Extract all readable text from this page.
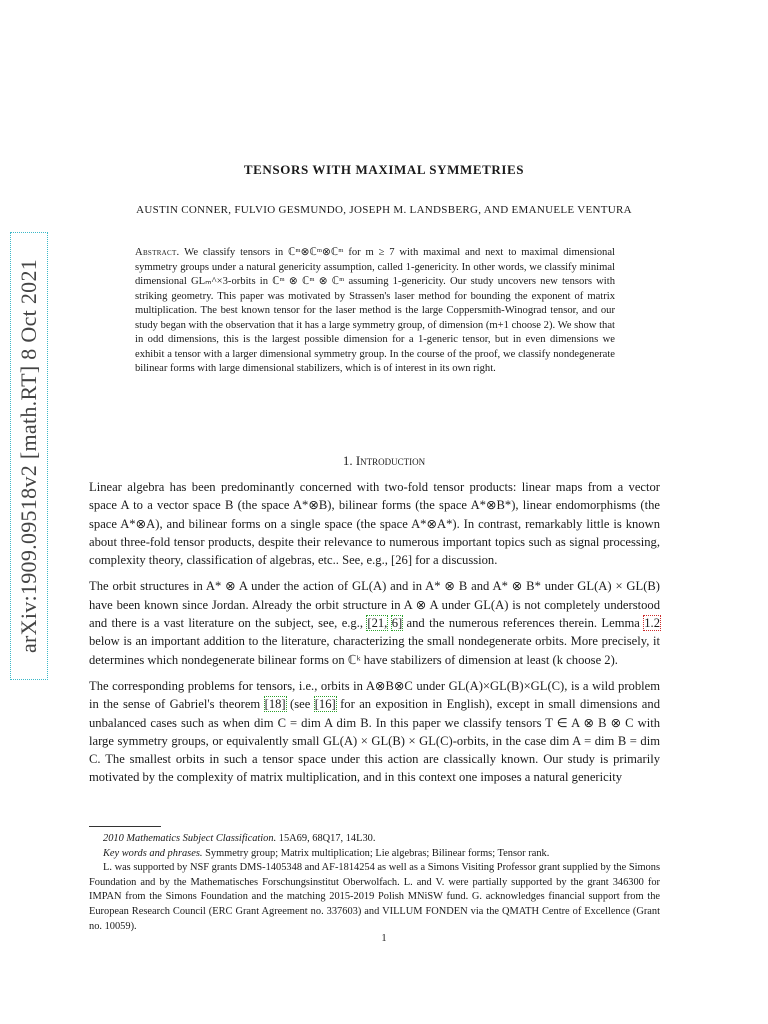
arXiv:1909.09518v2 [math.RT] 8 Oct 2021
TENSORS WITH MAXIMAL SYMMETRIES
AUSTIN CONNER, FULVIO GESMUNDO, JOSEPH M. LANDSBERG, AND EMANUELE VENTURA
Abstract. We classify tensors in ℂᵐ⊗ℂᵐ⊗ℂᵐ for m ≥ 7 with maximal and next to maximal dimensional symmetry groups under a natural genericity assumption, called 1-genericity. In other words, we classify minimal dimensional GLₘ^×3-orbits in ℂᵐ ⊗ ℂᵐ ⊗ ℂᵐ assuming 1-genericity. Our study uncovers new tensors with striking geometry. This paper was motivated by Strassen's laser method for bounding the exponent of matrix multiplication. The best known tensor for the laser method is the large Coppersmith-Winograd tensor, and our study began with the observation that it has a large symmetry group, of dimension (m+1 choose 2). We show that in odd dimensions, this is the largest possible dimension for a 1-generic tensor, but in even dimensions we exhibit a tensor with a larger dimensional symmetry group. In the course of the proof, we classify nondegenerate bilinear forms with large dimensional stabilizers, which is of interest in its own right.
1. Introduction

Linear algebra has been predominantly concerned with two-fold tensor products: linear maps from a vector space A to a vector space B (the space A*⊗B), bilinear forms (the space A*⊗B*), linear endomorphisms (the space A*⊗A), and bilinear forms on a single space (the space A*⊗A*). In contrast, remarkably little is known about three-fold tensor products, despite their relevance to numerous important topics such as signal processing, complexity theory, classification of algebras, etc.. See, e.g., [26] for a discussion.

The orbit structures in A* ⊗ A under the action of GL(A) and in A* ⊗ B and A* ⊗ B* under GL(A) × GL(B) have been known since Jordan. Already the orbit structure in A ⊗ A under GL(A) is not completely understood and there is a vast literature on the subject, see, e.g., [21, 6] and the numerous references therein. Lemma 1.2 below is an important addition to the literature, characterizing the small nondegenerate orbits. More precisely, it determines which nondegenerate bilinear forms on ℂᵏ have stabilizers of dimension at least (k choose 2).

The corresponding problems for tensors, i.e., orbits in A⊗B⊗C under GL(A)×GL(B)×GL(C), is a wild problem in the sense of Gabriel's theorem [18] (see [16] for an exposition in English), except in small dimensions and unbalanced cases such as when dim C = dim A dim B. In this paper we classify tensors T ∈ A ⊗ B ⊗ C with large symmetry groups, or equivalently small GL(A) × GL(B) × GL(C)-orbits, in the case dim A = dim B = dim C. The smallest orbits in such a tensor space under this action are classically known. Our study is primarily motivated by the complexity of matrix multiplication, and in this context one imposes a natural genericity

2010 Mathematics Subject Classification. 15A69, 68Q17, 14L30.

Key words and phrases. Symmetry group; Matrix multiplication; Lie algebras; Bilinear forms; Tensor rank.

L. was supported by NSF grants DMS-1405348 and AF-1814254 as well as a Simons Visiting Professor grant supplied by the Simons Foundation and by the Mathematisches Forschungsinstitut Oberwolfach. L. and V. were partially supported by the grant 346300 for IMPAN from the Simons Foundation and the matching 2015-2019 Polish MNiSW fund. G. acknowledges financial support from the European Research Council (ERC Grant Agreement no. 337603) and VILLUM FONDEN via the QMATH Centre of Excellence (Grant no. 10059).

1
